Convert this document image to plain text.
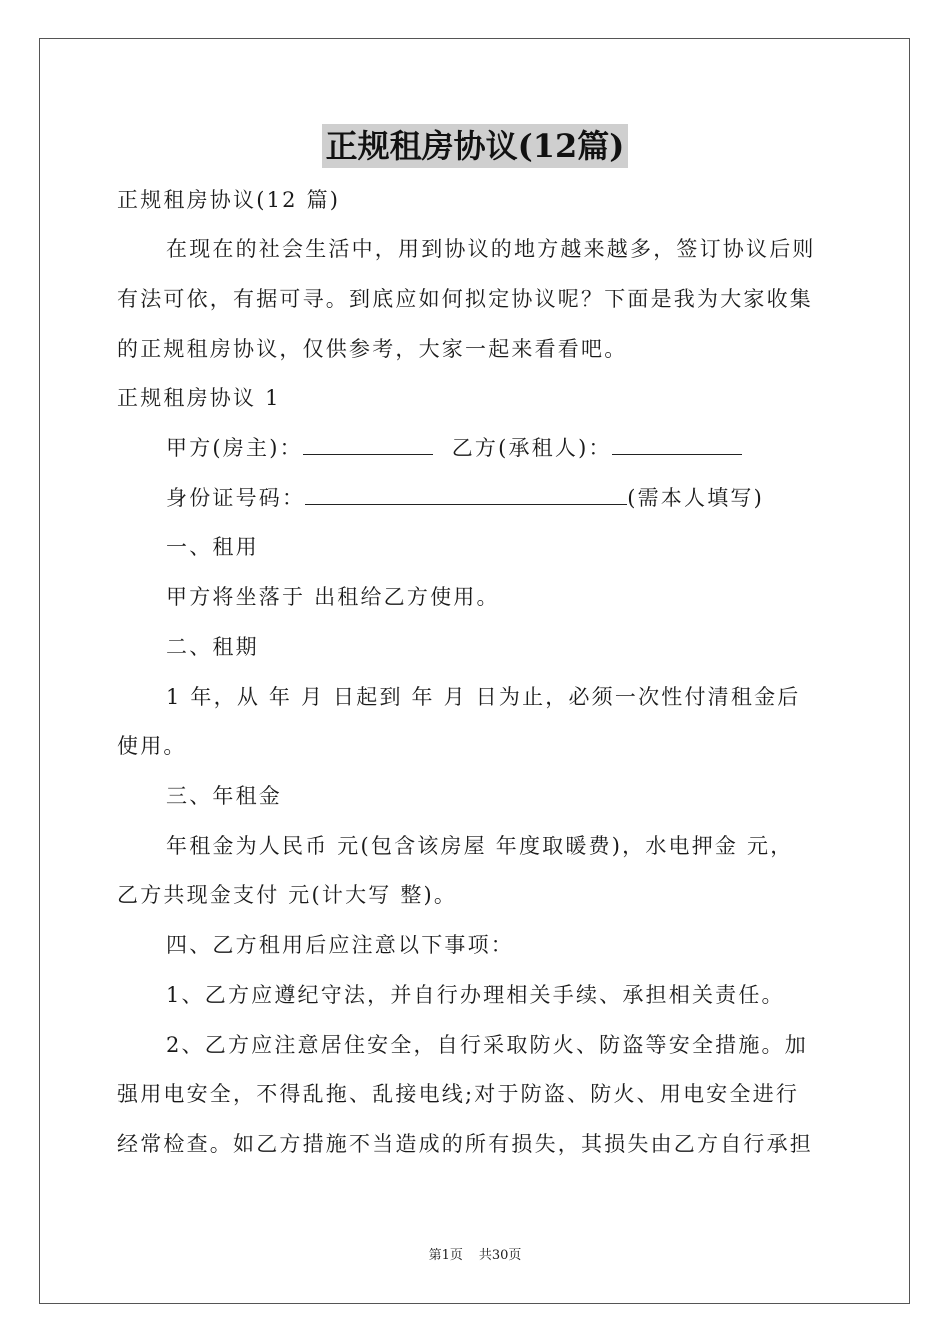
正规租房协议(12篇)
正规租房协议(12 篇)
在现在的社会生活中，用到协议的地方越来越多，签订协议后则
有法可依，有据可寻。到底应如何拟定协议呢？下面是我为大家收集
的正规租房协议，仅供参考，大家一起来看看吧。
正规租房协议 1
甲方(房主)：	乙方(承租人)：
身份证号码：	(需本人填写)
一、租用
甲方将坐落于 出租给乙方使用。
二、租期
1 年，从 年 月 日起到 年 月 日为止，必须一次性付清租金后
使用。
三、年租金
年租金为人民币 元(包含该房屋 年度取暖费)，水电押金 元，
乙方共现金支付 元(计大写 整)。
四、乙方租用后应注意以下事项：
1、乙方应遵纪守法，并自行办理相关手续、承担相关责任。
2、乙方应注意居住安全，自行采取防火、防盗等安全措施。加
强用电安全，不得乱拖、乱接电线;对于防盗、防火、用电安全进行
经常检查。如乙方措施不当造成的所有损失，其损失由乙方自行承担
第1页 共30页
